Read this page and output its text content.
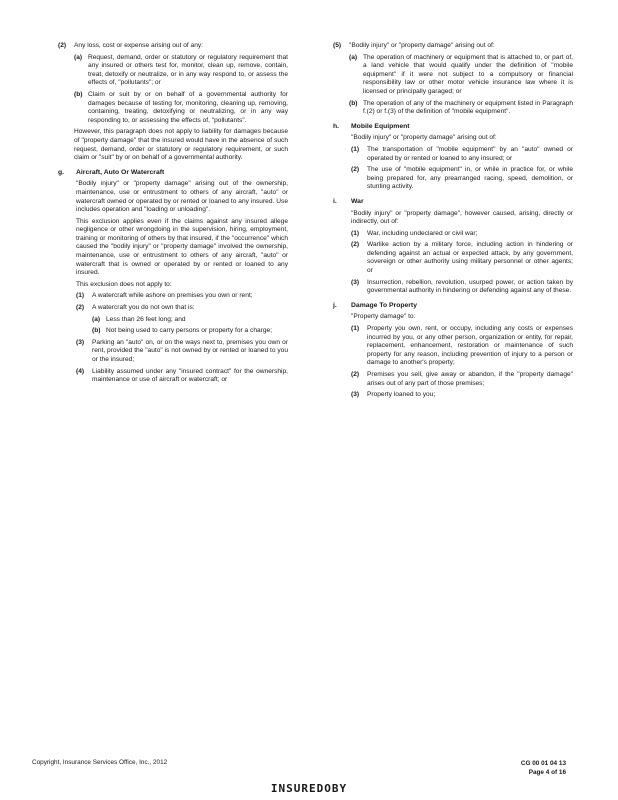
(2)	Any loss, cost or expense arising out of any:
(a) Request, demand, order or statutory or regulatory requirement that any insured or others test for, monitor, clean up, remove, contain, treat, detoxify or neutralize, or in any way respond to, or assess the effects of, "pollutants"; or
(b) Claim or suit by or on behalf of a governmental authority for damages because of testing for, monitoring, cleaning up, removing, containing, treating, detoxifying or neutralizing, or in any way responding to, or assessing the effects of, "pollutants".
However, this paragraph does not apply to liability for damages because of "property damage" that the insured would have in the absence of such request, demand, order or statutory or regulatory requirement, or such claim or "suit" by or on behalf of a governmental authority.
g.	Aircraft, Auto Or Watercraft
"Bodily injury" or "property damage" arising out of the ownership, maintenance, use or entrustment to others of any aircraft, "auto" or watercraft owned or operated by or rented or loaned to any insured. Use includes operation and "loading or unloading".
This exclusion applies even if the claims against any insured allege negligence or other wrongdoing in the supervision, hiring, employment, training or monitoring of others by that insured, if the "occurrence" which caused the "bodily injury" or "property damage" involved the ownership, maintenance, use or entrustment to others of any aircraft, "auto" or watercraft that is owned or operated by or rented or loaned to any insured.
This exclusion does not apply to:
(1)	A watercraft while ashore on premises you own or rent;
(2)	A watercraft you do not own that is:
(a) Less than 26 feet long; and
(b) Not being used to carry persons or property for a charge;
(3)	Parking an "auto" on, or on the ways next to, premises you own or rent, provided the "auto" is not owned by or rented or loaned to you or the insured;
(4)	Liability assumed under any "insured contract" for the ownership, maintenance or use of aircraft or watercraft; or
(5)	"Bodily injury" or "property damage" arising out of:
(a) The operation of machinery or equipment that is attached to, or part of, a land vehicle that would qualify under the definition of "mobile equipment" if it were not subject to a compulsory or financial responsibility law or other motor vehicle insurance law where it is licensed or principally garaged; or
(b) The operation of any of the machinery or equipment listed in Paragraph f.(2) or f.(3) of the definition of "mobile equipment".
h.	Mobile Equipment
"Bodily injury" or "property damage" arising out of:
(1)	The transportation of "mobile equipment" by an "auto" owned or operated by or rented or loaned to any insured; or
(2)	The use of "mobile equipment" in, or while in practice for, or while being prepared for, any prearranged racing, speed, demolition, or stunting activity.
i.	War
"Bodily injury" or "property damage", however caused, arising, directly or indirectly, out of:
(1)	War, including undeclared or civil war;
(2)	Warlike action by a military force, including action in hindering or defending against an actual or expected attack, by any government, sovereign or other authority using military personnel or other agents; or
(3)	Insurrection, rebellion, revolution, usurped power, or action taken by governmental authority in hindering or defending against any of these.
j.	Damage To Property
"Property damage" to:
(1)	Property you own, rent, or occupy, including any costs or expenses incurred by you, or any other person, organization or entity, for repair, replacement, enhancement, restoration or maintenance of such property for any reason, including prevention of injury to a person or damage to another's property;
(2)	Premises you sell, give away or abandon, if the "property damage" arises out of any part of those premises;
(3)	Property loaned to you;
Copyright, Insurance Services Office, Inc., 2012	CG 00 01 04 13
Page 4 of 16
INSUREDOBY
